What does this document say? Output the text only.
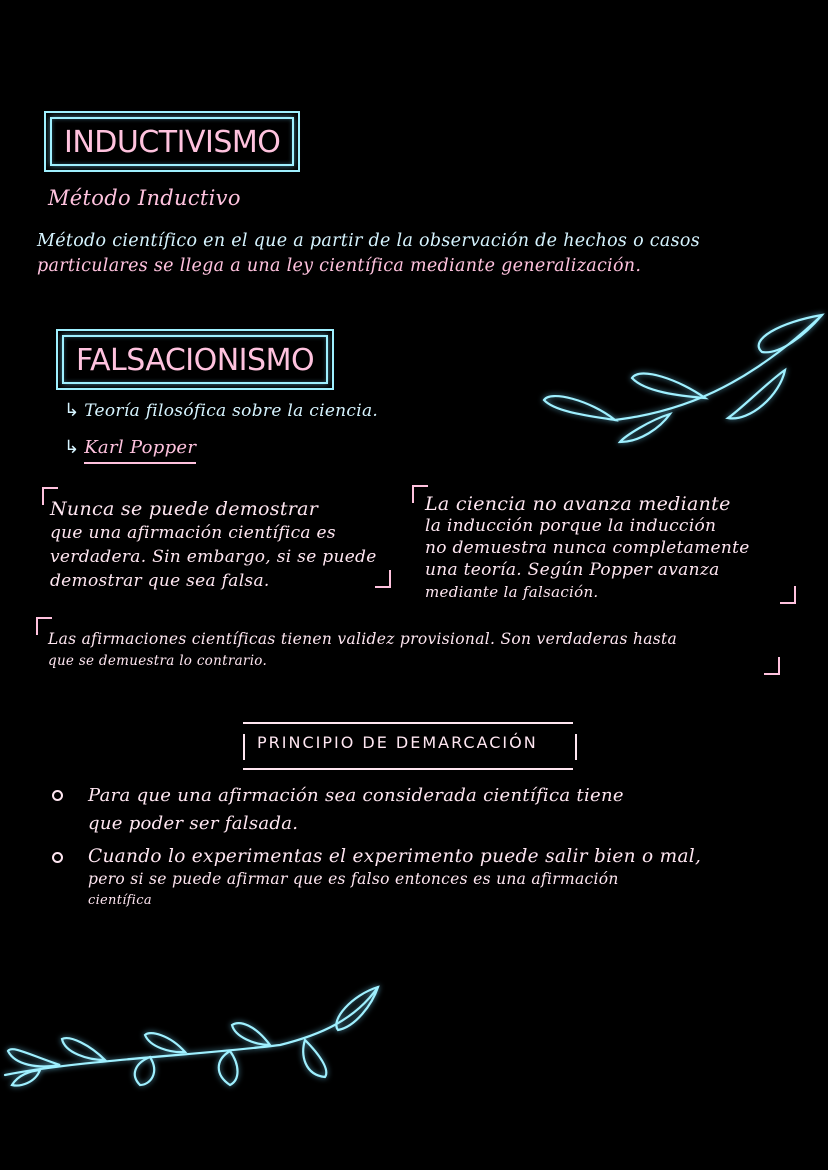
INDUCTIVISMO
Método Inductivo
Método científico en el que a partir de la observación de hechos o casos
particulares se llega a una ley científica mediante generalización.
FALSACIONISMO
↳ Teoría filosófica sobre la ciencia.
↳ Karl Popper
Nunca se puede demostrar
que una afirmación científica es
verdadera. Sin embargo, si se puede
demostrar que sea falsa.
La ciencia no avanza mediante
la inducción porque la inducción
no demuestra nunca completamente
una teoría. Según Popper avanza
mediante la falsación.
Las afirmaciones científicas tienen validez provisional. Son verdaderas hasta
que se demuestra lo contrario.
PRINCIPIO DE DEMARCACIÓN
Para que una afirmación sea considerada científica tiene
que poder ser falsada.
Cuando lo experimentas el experimento puede salir bien o mal,
pero si se puede afirmar que es falso entonces es una afirmación
científica
